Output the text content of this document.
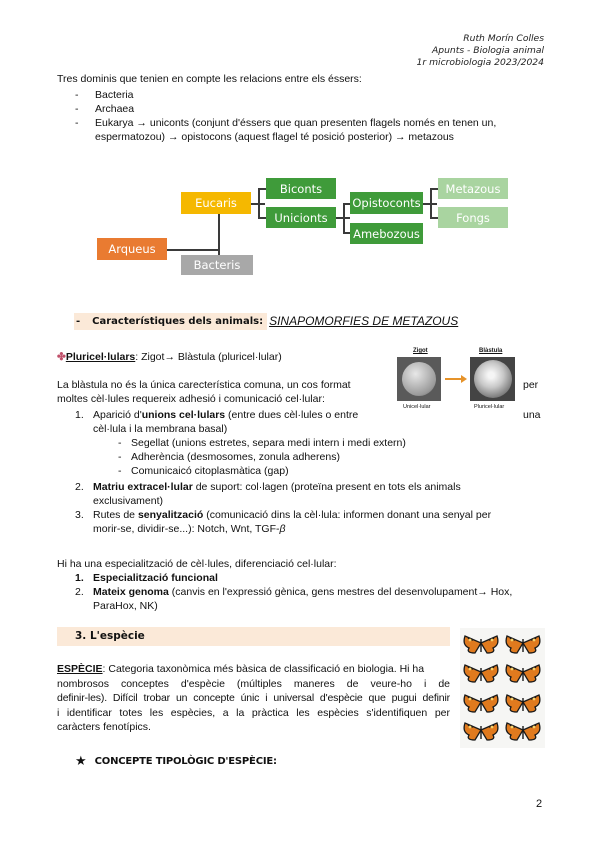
Ruth Morín Colles
Apunts - Biologia animal
1r microbiologia 2023/2024
Tres dominis que tenien en compte les relacions entre els éssers:
- Bacteria
- Archaea
- Eukarya → uniconts (conjunt d'éssers que quan presenten flagels només en tenen un,
espermatozou) → opistocons (aquest flagel té posició posterior) → metazous
Eucaris
Biconts
Unicionts
Opistoconts
Amebozous
Metazous
Fongs
Arqueus
Bacteris
-	Característiques dels animals: SINAPOMORFIES DE METAZOUS
✤Pluricel·lulars: Zigot→ Blàstula (pluricel·lular)	Zigot	Blàstula
Unicel·lular	Pluricel·lular
La blàstula no és la única carecterística comuna, un cos format	per
moltes cèl·lules requereix adhesió i comunicació cel·lular:
1. Aparició d'unions cel·lulars (entre dues cèl·lules o entre
cèl·lula i la membrana basal)
- Segellat (unions estretes, separa medi intern i medi extern)
- Adherència (desmosomes, zonula adherens)
- Comunicaicó citoplasmàtica (gap)
2. Matriu extracel·lular de suport: col·lagen (proteïna present en tots els animals
exclusivament)
3. Rutes de senyalització (comunicació dins la cèl·lula: informen donant una senyal per
morir-se, dividir-se...): Notch, Wnt, TGF-β
una
Hi ha una especialització de cèl·lules, diferenciació cel·lular:
1. Especialització funcional
2. Mateix genoma (canvis en l'expressió gènica, gens mestres del desenvolupament→ Hox,
ParaHox, NK)
3. L'espècie
ESPÈCIE: Categoria taxonòmica més bàsica de classificació en biologia. Hi ha
nombrosos conceptes d'espècie (múltiples maneres de veure-ho i de
definir-les). Difícil trobar un concepte únic i universal d'espècie que pugui definir
i identificar totes les espècies, a la pràctica les espècies s'identifiquen per
caràcters fenotípics.
★ CONCEPTE TIPOLÒGIC D'ESPÈCIE:
2
